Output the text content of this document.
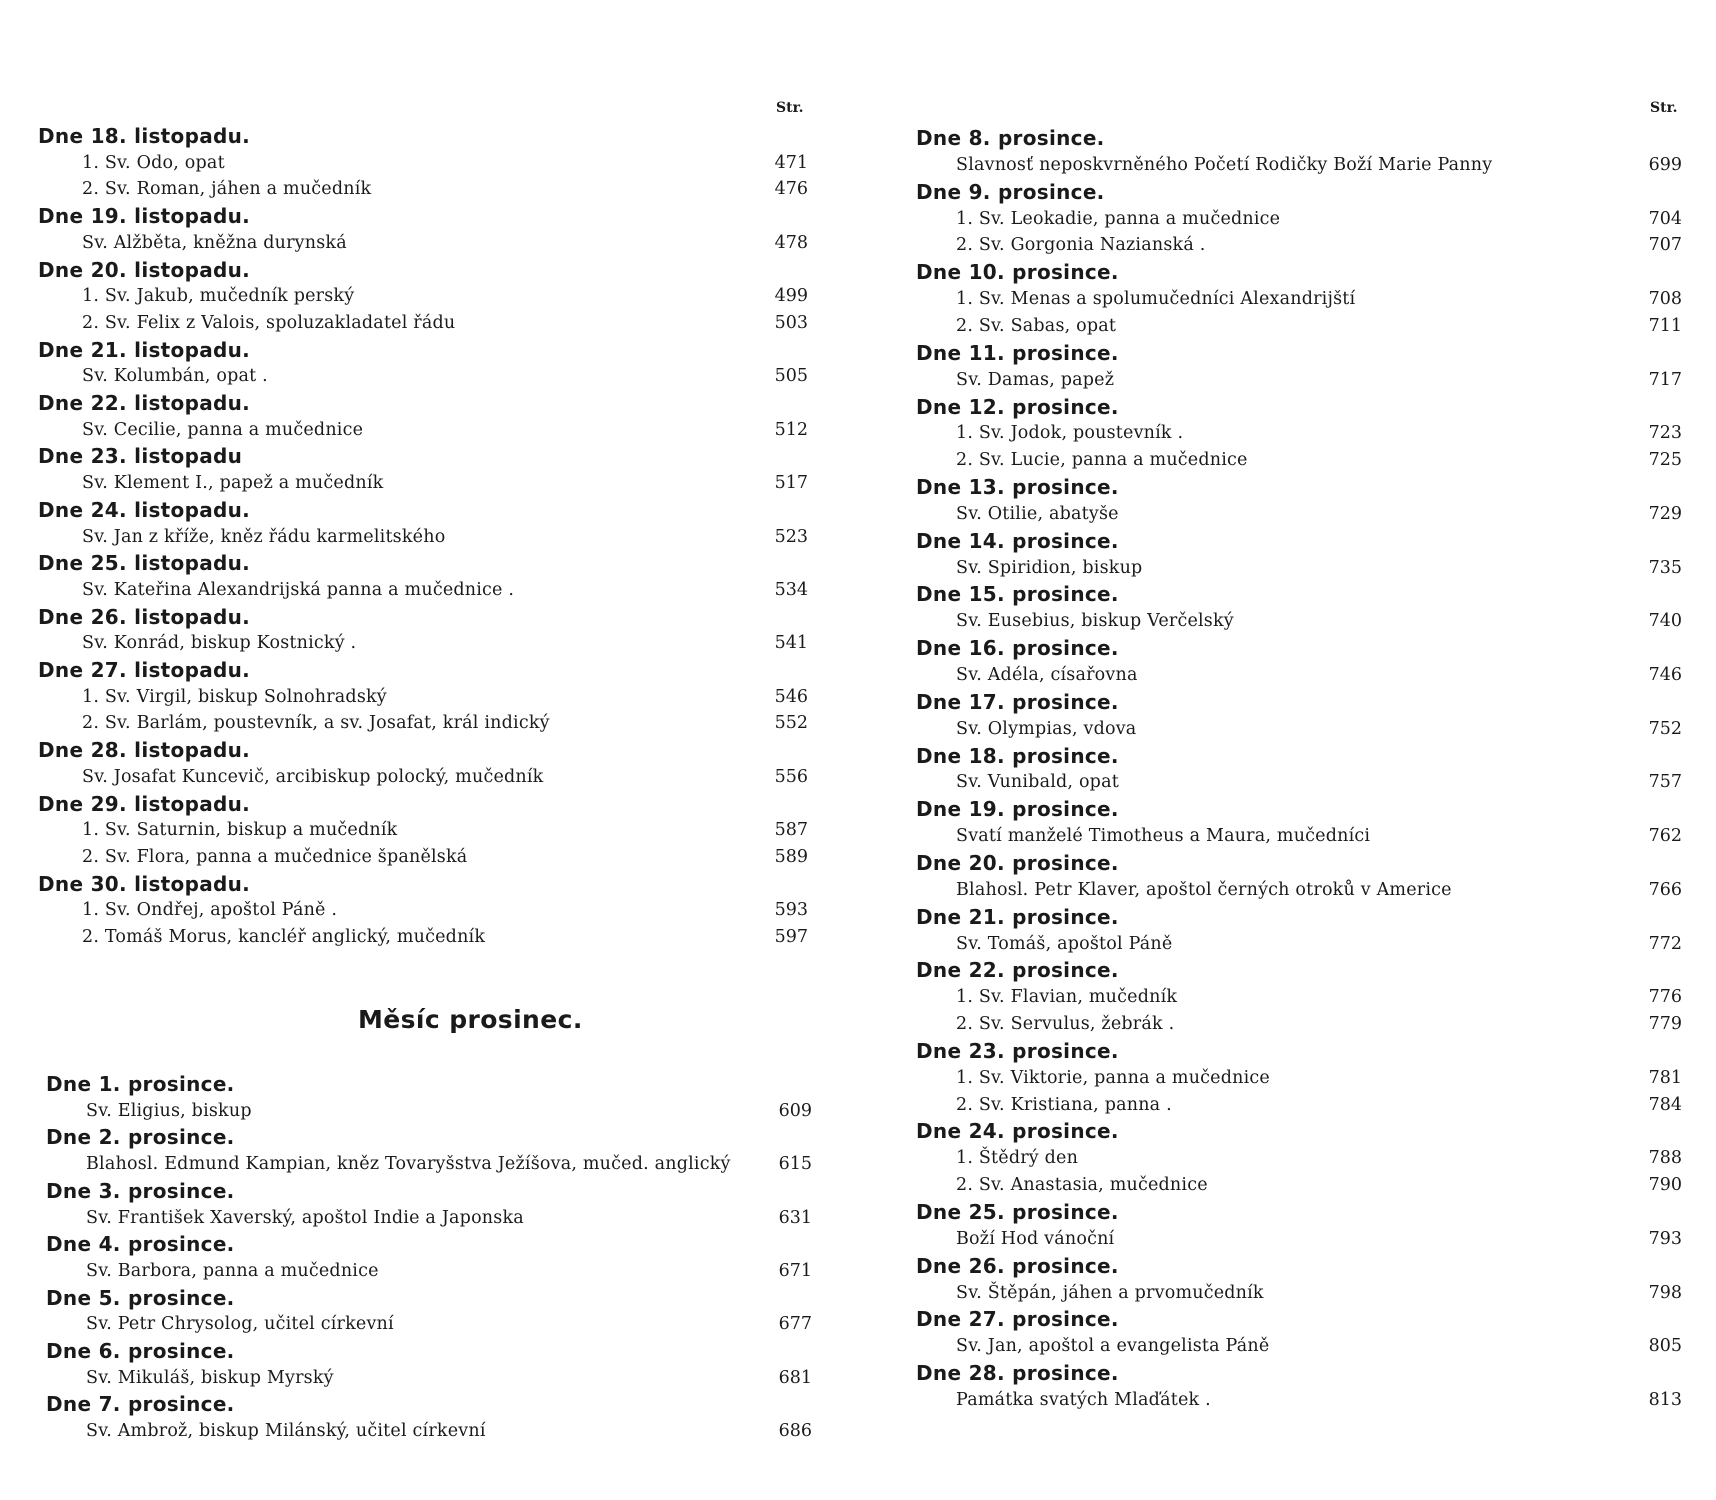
Str.
Dne 18. listopadu.
1. Sv. Odo, opat	471
2. Sv. Roman, jáhen a mučedník	476
Dne 19. listopadu.
Sv. Alžběta, kněžna durynská	478
Dne 20. listopadu.
1. Sv. Jakub, mučedník perský	499
2. Sv. Felix z Valois, spoluzakladatel řádu	503
Dne 21. listopadu.
Sv. Kolumbán, opat .	505
Dne 22. listopadu.
Sv. Cecilie, panna a mučednice	512
Dne 23. listopadu
Sv. Klement I., papež a mučedník	517
Dne 24. listopadu.
Sv. Jan z kříže, kněz řádu karmelitského	523
Dne 25. listopadu.
Sv. Kateřina Alexandrijská panna a mučednice .	534
Dne 26. listopadu.
Sv. Konrád, biskup Kostnický .	541
Dne 27. listopadu.
1. Sv. Virgil, biskup Solnohradský	546
2. Sv. Barlám, poustevník, a sv. Josafat, král indický	552
Dne 28. listopadu.
Sv. Josafat Kuncevič, arcibiskup polocký, mučedník	556
Dne 29. listopadu.
1. Sv. Saturnin, biskup a mučedník	587
2. Sv. Flora, panna a mučednice španělská	589
Dne 30. listopadu.
1. Sv. Ondřej, apoštol Páně .	593
2. Tomáš Morus, kancléř anglický, mučedník	597
Měsíc prosinec.
Dne 1. prosince.
Sv. Eligius, biskup	609
Dne 2. prosince.
Blahosl. Edmund Kampian, kněz Tovaryšstva Ježíšova, mučed. anglický	615
Dne 3. prosince.
Sv. František Xaverský, apoštol Indie a Japonska	631
Dne 4. prosince.
Sv. Barbora, panna a mučednice	671
Dne 5. prosince.
Sv. Petr Chrysolog, učitel církevní	677
Dne 6. prosince.
Sv. Mikuláš, biskup Myrský	681
Dne 7. prosince.
Sv. Ambrož, biskup Milánský, učitel církevní	686
Str.
Dne 8. prosince.
Slavnosť neposkvrněného Početí Rodičky Boží Marie Panny	699
Dne 9. prosince.
1. Sv. Leokadie, panna a mučednice	704
2. Sv. Gorgonia Nazianská .	707
Dne 10. prosince.
1. Sv. Menas a spolumučedníci Alexandrijští	708
2. Sv. Sabas, opat	711
Dne 11. prosince.
Sv. Damas, papež	717
Dne 12. prosince.
1. Sv. Jodok, poustevník .	723
2. Sv. Lucie, panna a mučednice	725
Dne 13. prosince.
Sv. Otilie, abatyše	729
Dne 14. prosince.
Sv. Spiridion, biskup	735
Dne 15. prosince.
Sv. Eusebius, biskup Verčelský	740
Dne 16. prosince.
Sv. Adéla, císařovna	746
Dne 17. prosince.
Sv. Olympias, vdova	752
Dne 18. prosince.
Sv. Vunibald, opat	757
Dne 19. prosince.
Svatí manželé Timotheus a Maura, mučedníci	762
Dne 20. prosince.
Blahosl. Petr Klaver, apoštol černých otroků v Americe	766
Dne 21. prosince.
Sv. Tomáš, apoštol Páně	772
Dne 22. prosince.
1. Sv. Flavian, mučedník	776
2. Sv. Servulus, žebrák .	779
Dne 23. prosince.
1. Sv. Viktorie, panna a mučednice	781
2. Sv. Kristiana, panna .	784
Dne 24. prosince.
1. Štědrý den	788
2. Sv. Anastasia, mučednice	790
Dne 25. prosince.
Boží Hod vánoční	793
Dne 26. prosince.
Sv. Štěpán, jáhen a prvomučedník	798
Dne 27. prosince.
Sv. Jan, apoštol a evangelista Páně	805
Dne 28. prosince.
Památka svatých Mlaďátek .	813
